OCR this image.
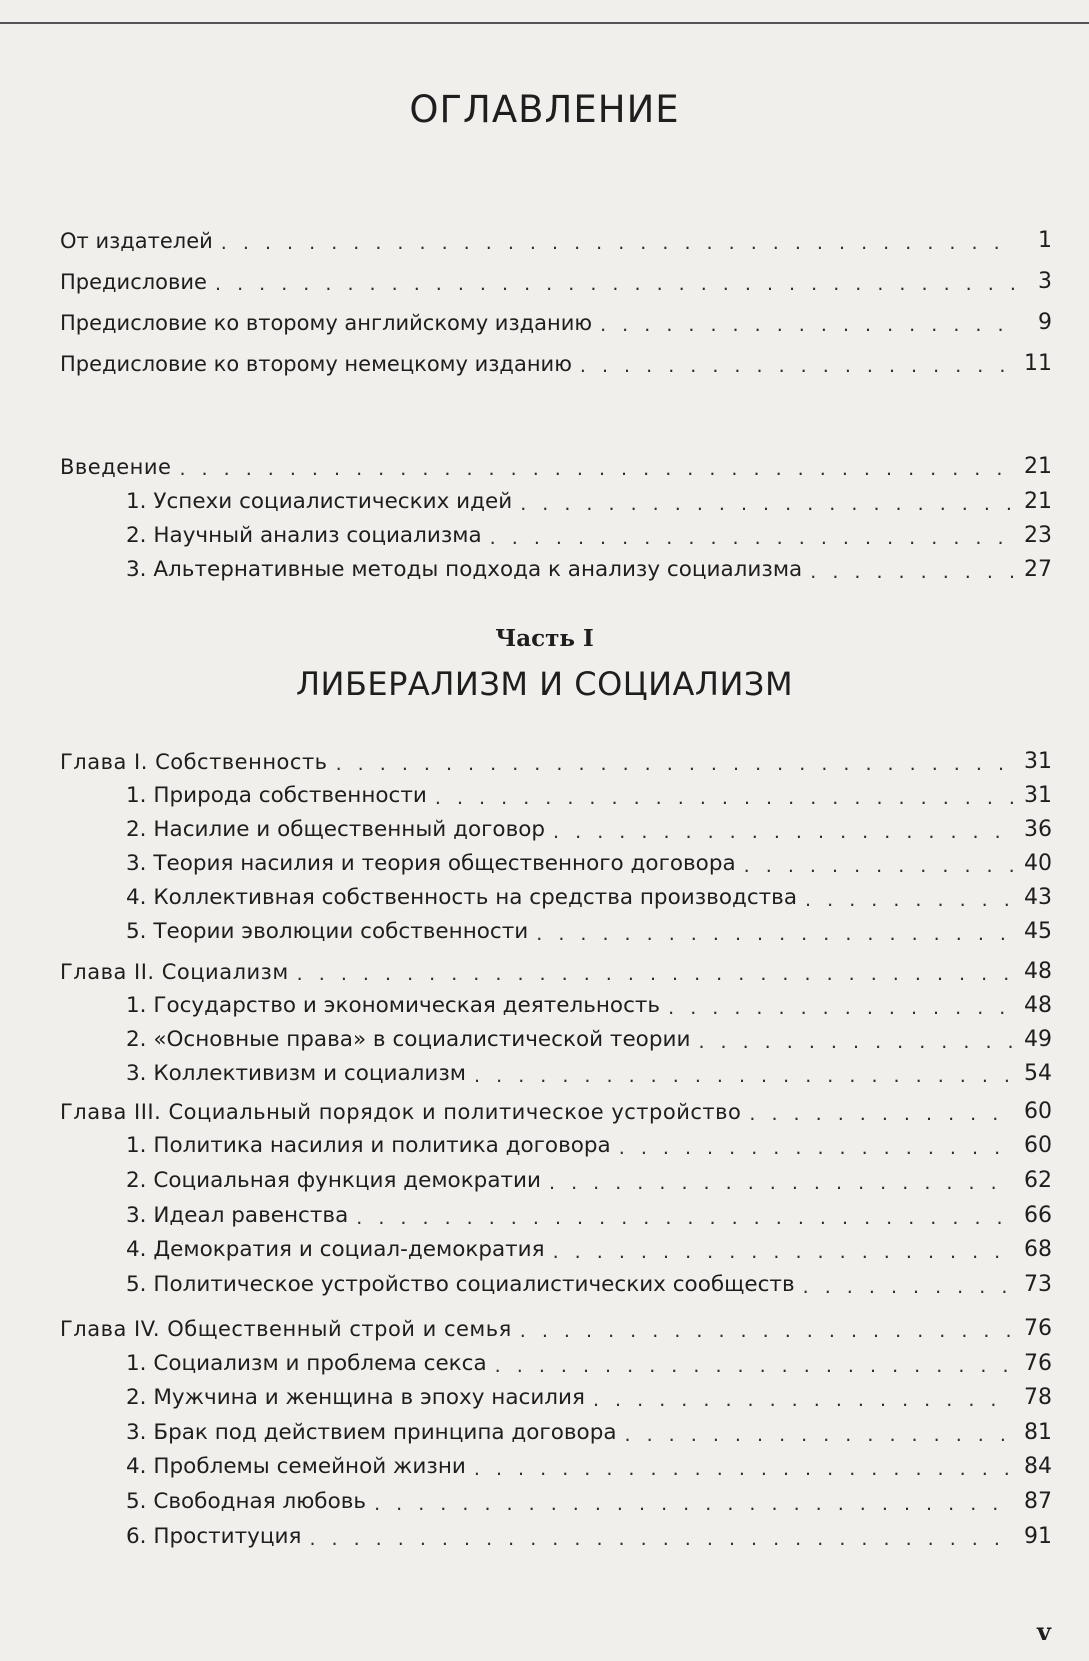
ОГЛАВЛЕНИЕ
От издателей . . .	1
Предисловие . . .	3
Предисловие ко второму английскому изданию . . .	9
Предисловие ко второму немецкому изданию . . .	11
Введение . . .	21
1. Успехи социалистических идей . . .	21
2. Научный анализ социализма . . .	23
3. Альтернативные методы подхода к анализу социализма . . .	27
Глава I. Собственность . . .	31
1. Природа собственности . . .	31
2. Насилие и общественный договор . . .	36
3. Теория насилия и теория общественного договора . . .	40
4. Коллективная собственность на средства производства . . .	43
5. Теории эволюции собственности . . .	45
Глава II. Социализм . . .	48
1. Государство и экономическая деятельность . . .	48
2. «Основные права» в социалистической теории . . .	49
3. Коллективизм и социализм . . .	54
Глава III. Социальный порядок и политическое устройство . . .	60
1. Политика насилия и политика договора . . .	60
2. Социальная функция демократии . . .	62
3. Идеал равенства . . .	66
4. Демократия и социал-демократия . . .	68
5. Политическое устройство социалистических сообществ . . .	73
Глава IV. Общественный строй и семья . . .	76
1. Социализм и проблема секса . . .	76
2. Мужчина и женщина в эпоху насилия . . .	78
3. Брак под действием принципа договора . . .	81
4. Проблемы семейной жизни . . .	84
5. Свободная любовь . . .	87
6. Проституция . . .	91
Часть I
ЛИБЕРАЛИЗМ И СОЦИАЛИЗМ
v
